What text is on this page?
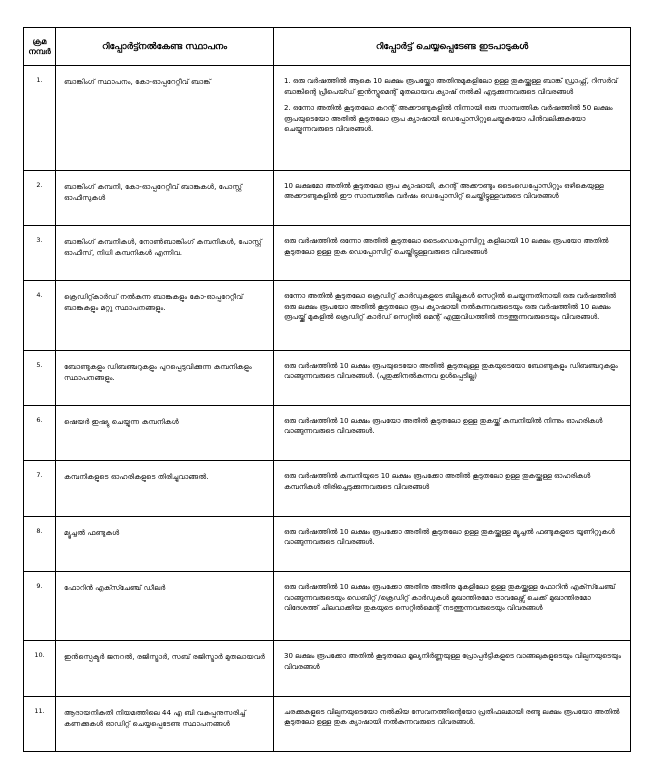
ക്രമ നമ്പർ	റിപ്പോർട്ട്നൽകേണ്ട സ്ഥാപനം	റിപ്പോർട്ട് ചെയ്യപ്പെടേണ്ട ഇടപാടുകൾ
1.	ബാങ്കിംഗ് സ്ഥാപനം, കോ-ഓപ്പറേറ്റീവ് ബാങ്ക്	1. ഒരു വർഷത്തിൽ ആകെ 10 ലക്ഷം രൂപയ്ക്കോ അതിനുമുകളിലോ ഉള്ള തുകയ്ക്കുള്ള ബാങ്ക് ഡ്രാഫ്റ്റ്, റിസർവ് ബാങ്കിന്റെ പ്രീപെയ്ഡ് ഇൻസ്ട്രുമെന്റ് മുതലായവ ക്യാഷ് നൽകി എടുക്കുന്നവരുടെ വിവരങ്ങൾ
2. ഒന്നോ അതിൽ കൂടുതലോ കറന്റ് അക്കൗണ്ടുകളിൽ നിന്നായി ഒരു സാമ്പത്തിക വർഷത്തിൽ 50 ലക്ഷം രൂപയുടെയോ അതിൽ കൂടുതലോ രൂപ ക്യാഷായി ഡെപ്പോസിറ്റുചെയ്യുകയോ പിൻവലിക്കുകയോ ചെയ്യുന്നവരുടെ വിവരങ്ങൾ.

2.	ബാങ്കിംഗ് കമ്പനി, കോ-ഓപ്പറേറ്റീവ് ബാങ്കുകൾ, പോസ്റ്റ് ഓഫീസുകൾ	10 ലക്ഷമോ അതിൽ കൂടുതലോ രൂപ ക്യാഷായി, കറന്റ് അക്കൗണ്ടും ടൈംഡെപ്പോസിറ്റും ഒഴികെയുള്ള അക്കൗണ്ടുകളിൽ ഈ സാമ്പത്തിക വർഷം ഡെപ്പോസിറ്റ് ചെയ്തിട്ടുള്ളവരുടെ വിവരങ്ങൾ

3.	ബാങ്കിംഗ് കമ്പനികൾ, നോൺബാങ്കിംഗ് കമ്പനികൾ, പോസ്റ്റ് ഓഫീസ്, നിധി കമ്പനികൾ എന്നിവ.	ഒരു വർഷത്തിൽ ഒന്നോ അതിൽ കൂടുതലോ ടൈംഡെപ്പോസിറ്റു കളിലായി 10 ലക്ഷം രൂപയോ അതിൽ കൂടുതലോ ഉള്ള തുക ഡെപ്പോസിറ്റ് ചെയ്തിട്ടുള്ളവരുടെ വിവരങ്ങൾ

4.	ക്രെഡിറ്റ്കാർഡ് നൽകുന്ന ബാങ്കുകളും കോ-ഓപ്പറേറ്റീവ് ബാങ്കുകളും മറ്റു സ്ഥാപനങ്ങളും.	ഒന്നോ അതിൽ കൂടുതലോ ക്രെഡിറ്റ് കാർഡുകളുടെ ബില്ലുകൾ സെറ്റിൽ ചെയ്യുന്നതിനായി ഒരു വർഷത്തിൽ ഒരു ലക്ഷം രൂപയോ അതിൽ കൂടുതലോ രൂപ ക്യാഷായി നൽകുന്നവരുടെയും ഒരു വർഷത്തിൽ 10 ലക്ഷം രൂപയ്ക്ക് മുകളിൽ ക്രെഡിറ്റ് കാർഡ് സെറ്റിൽ മെന്റ് എന്തുവിധത്തിൽ നടത്തുന്നവരുടെയും വിവരങ്ങൾ.

5.	ബോണ്ടുകളും ഡിബഞ്ചറുകളും പുറപ്പെടുവിക്കുന്ന കമ്പനികളും സ്ഥാപനങ്ങളും.	ഒരു വർഷത്തിൽ 10 ലക്ഷം രൂപയുടെയോ അതിൽ കൂടുതലുള്ള തുകയുടെയോ ബോണ്ടുകളും ഡിബഞ്ചറുകളും വാങ്ങുന്നവരുടെ വിവരങ്ങൾ. (പുതുക്കിനൽകുന്നവ ഉൾപ്പെടില്ല)

6.	ഷെയർ ഇഷ്യു ചെയ്യുന്ന കമ്പനികൾ	ഒരു വർഷത്തിൽ 10 ലക്ഷം രൂപയോ അതിൽ കൂടുതലോ ഉള്ള തുകയ്ക്ക് കമ്പനിയിൽ നിന്നും ഓഹരികൾ വാങ്ങുന്നവരുടെ വിവരങ്ങൾ.

7.	കമ്പനികളുടെ ഓഹരികളുടെ തിരിച്ചുവാങ്ങൽ.	ഒരു വർഷത്തിൽ കമ്പനിയുടെ 10 ലക്ഷം രൂപക്കോ അതിൽ കൂടുതലോ ഉള്ള തുകയ്ക്കുള്ള ഓഹരികൾ കമ്പനികൾ തിരിച്ചെടുക്കുന്നവരുടെ വിവരങ്ങൾ

8.	മ്യൂച്ചൽ ഫണ്ടുകൾ	ഒരു വർഷത്തിൽ 10 ലക്ഷം രൂപക്കോ അതിൽ കൂടുതലോ ഉള്ള തുകയ്ക്കുള്ള മ്യൂച്ചൽ ഫണ്ടുകളുടെ യൂണിറ്റുകൾ വാങ്ങുന്നവരുടെ വിവരങ്ങൾ.

9.	ഫോറിൻ എക്സ്ചേഞ്ച് ഡീലർ	ഒരു വർഷത്തിൽ 10 ലക്ഷം രൂപക്കോ അതിനു അതിനു മുകളിലോ ഉള്ള തുകയ്ക്കുള്ള ഫോറിൻ എക്സ്ചേഞ്ച് വാങ്ങുന്നവരുടെയും ഡെബിറ്റ് /ക്രെഡിറ്റ് കാർഡുകൾ മുഖാന്തിരമോ ട്രാവലേഴ്സ് ചെക്ക് മുഖാന്തിരമോ വിദേശത്ത് ചിലവാക്കിയ തുകയുടെ സെറ്റിൽമെന്റ് നടത്തുന്നവരുടെയും വിവരങ്ങൾ

10.	ഇൻസ്പെക്ടർ ജനറൽ, രജിസ്ട്രാർ, സബ് രജിസ്ട്രാർ മുതലായവർ	30 ലക്ഷം രൂപക്കോ അതിൽ കൂടുതലോ മൂല്യനിർണ്ണയുള്ള പ്രോപ്പർട്ടികളുടെ വാങ്ങലുകളുടെയും വില്പനയുടെയും വിവരങ്ങൾ

11.	ആദായനികുതി നിയമത്തിലെ 44 എ ബി വകുപ്പനുസരിച്ച് കണക്കുകൾ ഓഡിറ്റ് ചെയ്യപ്പെടേണ്ട സ്ഥാപനങ്ങൾ	ചരക്കുകളുടെ വില്പനയുടെയോ നൽകിയ സേവനത്തിന്റെയോ പ്രതിഫലമായി രണ്ടു ലക്ഷം രൂപയോ അതിൽ കൂടുതലോ ഉള്ള തുക ക്യാഷായി നൽകുന്നവരുടെ വിവരങ്ങൾ.
